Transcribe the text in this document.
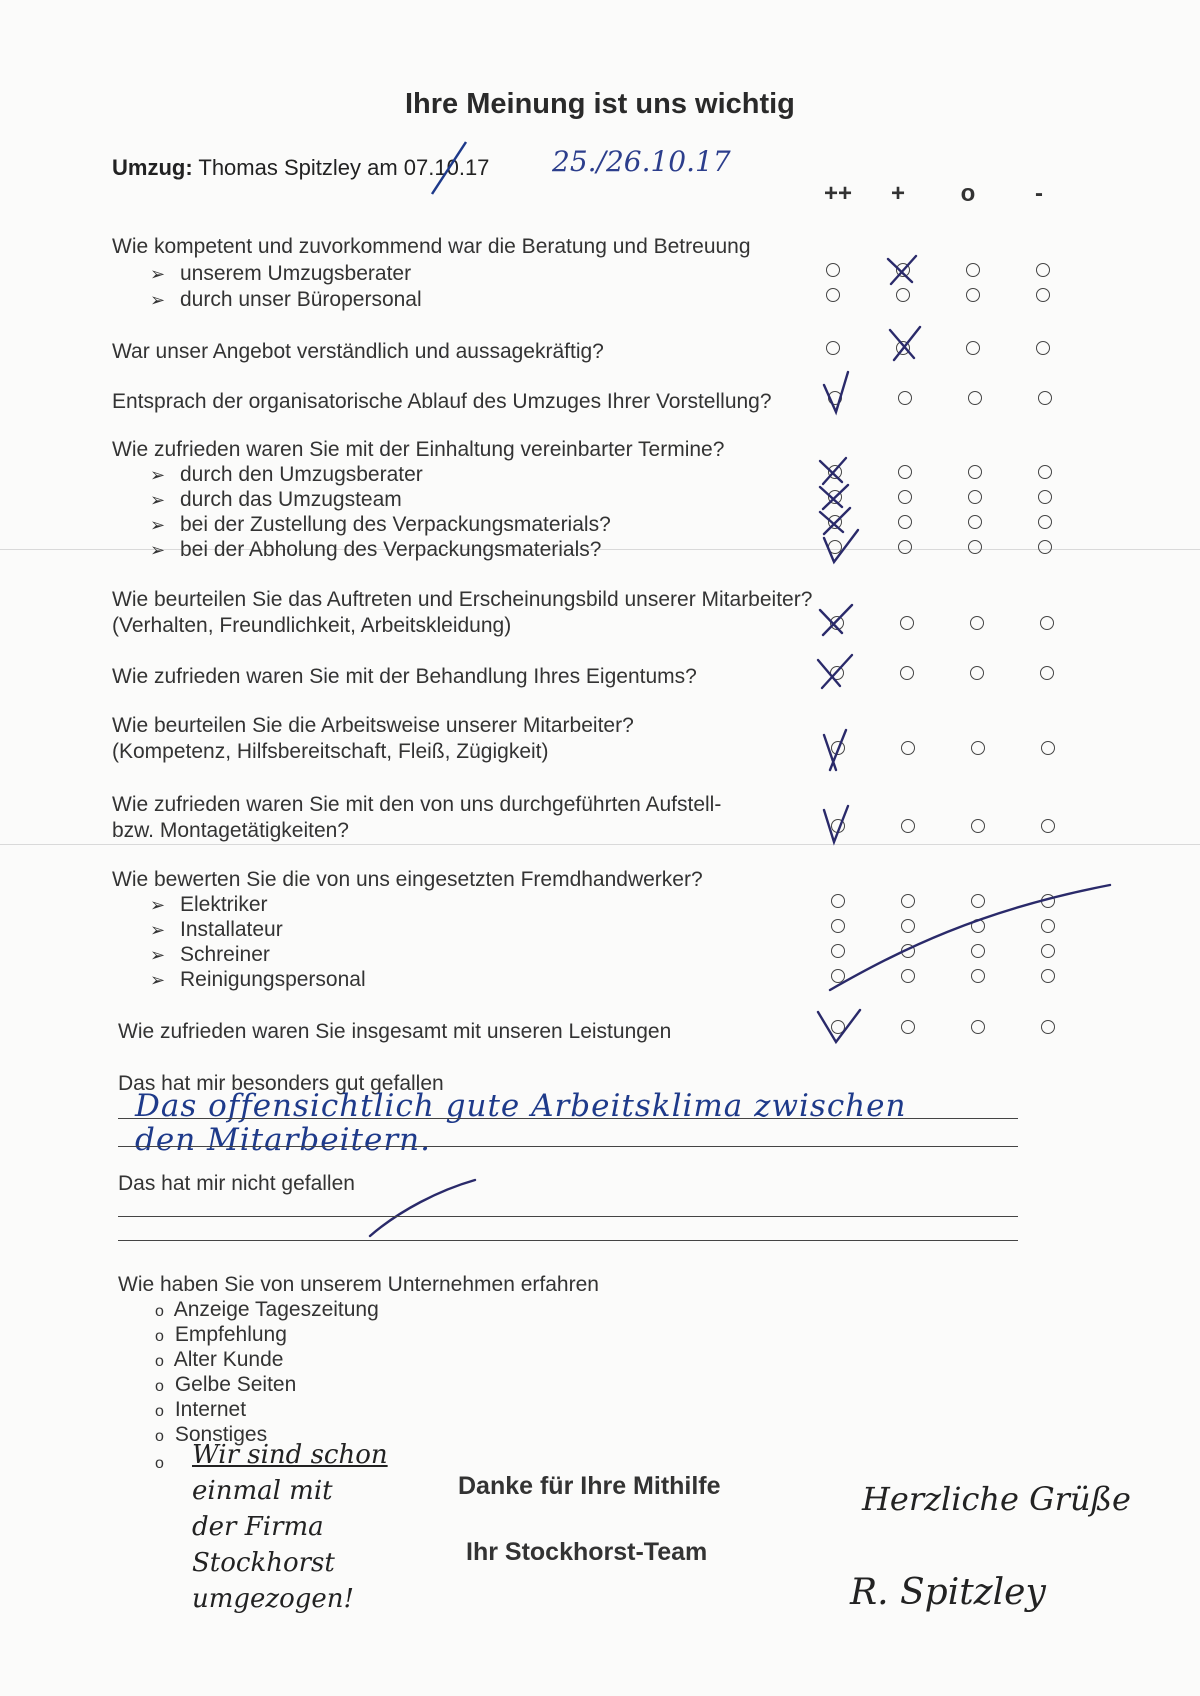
Ihre Meinung ist uns wichtig
Umzug: Thomas Spitzley am 07.10.17 25./26.10.17
++	+	o	-
Wie kompetent und zuvorkommend war die Beratung und Betreuung
➢ unserem Umzugsberater
➢ durch unser Büropersonal
War unser Angebot verständlich und aussagekräftig?
Entsprach der organisatorische Ablauf des Umzuges Ihrer Vorstellung?
Wie zufrieden waren Sie mit der Einhaltung vereinbarter Termine?
➢ durch den Umzugsberater
➢ durch das Umzugsteam
➢ bei der Zustellung des Verpackungsmaterials?
➢ bei der Abholung des Verpackungsmaterials?
Wie beurteilen Sie das Auftreten und Erscheinungsbild unserer Mitarbeiter?
(Verhalten, Freundlichkeit, Arbeitskleidung)
Wie zufrieden waren Sie mit der Behandlung Ihres Eigentums?
Wie beurteilen Sie die Arbeitsweise unserer Mitarbeiter?
(Kompetenz, Hilfsbereitschaft, Fleiß, Zügigkeit)
Wie zufrieden waren Sie mit den von uns durchgeführten Aufstell-
bzw. Montagetätigkeiten?
Wie bewerten Sie die von uns eingesetzten Fremdhandwerker?
➢ Elektriker
➢ Installateur
➢ Schreiner
➢ Reinigungspersonal
Wie zufrieden waren Sie insgesamt mit unseren Leistungen
Das hat mir besonders gut gefallen
Das offensichtlich gute Arbeitsklima zwischen
den Mitarbeitern.
Das hat mir nicht gefallen
Wie haben Sie von unserem Unternehmen erfahren
o Anzeige Tageszeitung
o Empfehlung
o Alter Kunde
o Gelbe Seiten
o Internet
o Sonstiges
o Wir sind schon
einmal mit
der Firma
Stockhorst
umgezogen!
Danke für Ihre Mithilfe
Ihr Stockhorst-Team
Herzliche Grüße
R. Spitzley
